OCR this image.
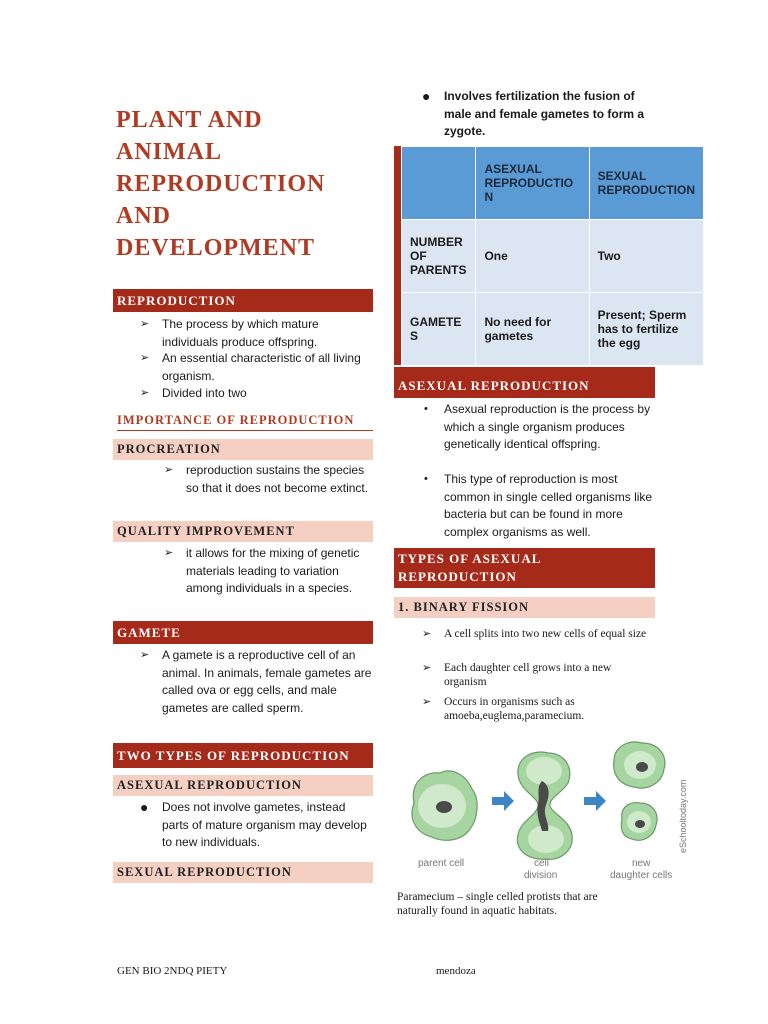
PLANT AND
ANIMAL
REPRODUCTION
AND
DEVELOPMENT
REPRODUCTION
➢ The process by which mature individuals produce offspring.
➢ An essential characteristic of all living organism.
➢ Divided into two
IMPORTANCE OF REPRODUCTION
PROCREATION
➢ reproduction sustains the species so that it does not become extinct.
QUALITY IMPROVEMENT
➢ it allows for the mixing of genetic materials leading to variation among individuals in a species.
GAMETE
➢ A gamete is a reproductive cell of an animal. In animals, female gametes are called ova or egg cells, and male gametes are called sperm.
TWO TYPES OF REPRODUCTION
ASEXUAL REPRODUCTION
● Does not involve gametes, instead parts of mature organism may develop to new individuals.
SEXUAL REPRODUCTION
● Involves fertilization the fusion of male and female gametes to form a zygote.
	ASEXUAL REPRODUCTIO N	SEXUAL REPRODUCTION
NUMBER OF PARENTS	One	Two
GAMETE S	No need for gametes	Present; Sperm has to fertilize the egg
ASEXUAL REPRODUCTION
• Asexual reproduction is the process by which a single organism produces genetically identical offspring.
• This type of reproduction is most common in single celled organisms like bacteria but can be found in more complex organisms as well.
TYPES OF ASEXUAL REPRODUCTION
1. BINARY FISSION
➢ A cell splits into two new cells of equal size
➢ Each daughter cell grows into a new organism
➢ Occurs in organisms such as amoeba,euglema,paramecium.
parent cell	cell division
new daughter cells
eSchooltoday.com
Paramecium – single celled protists that are naturally found in aquatic habitats.
GEN BIO 2NDQ PIETY	mendoza
